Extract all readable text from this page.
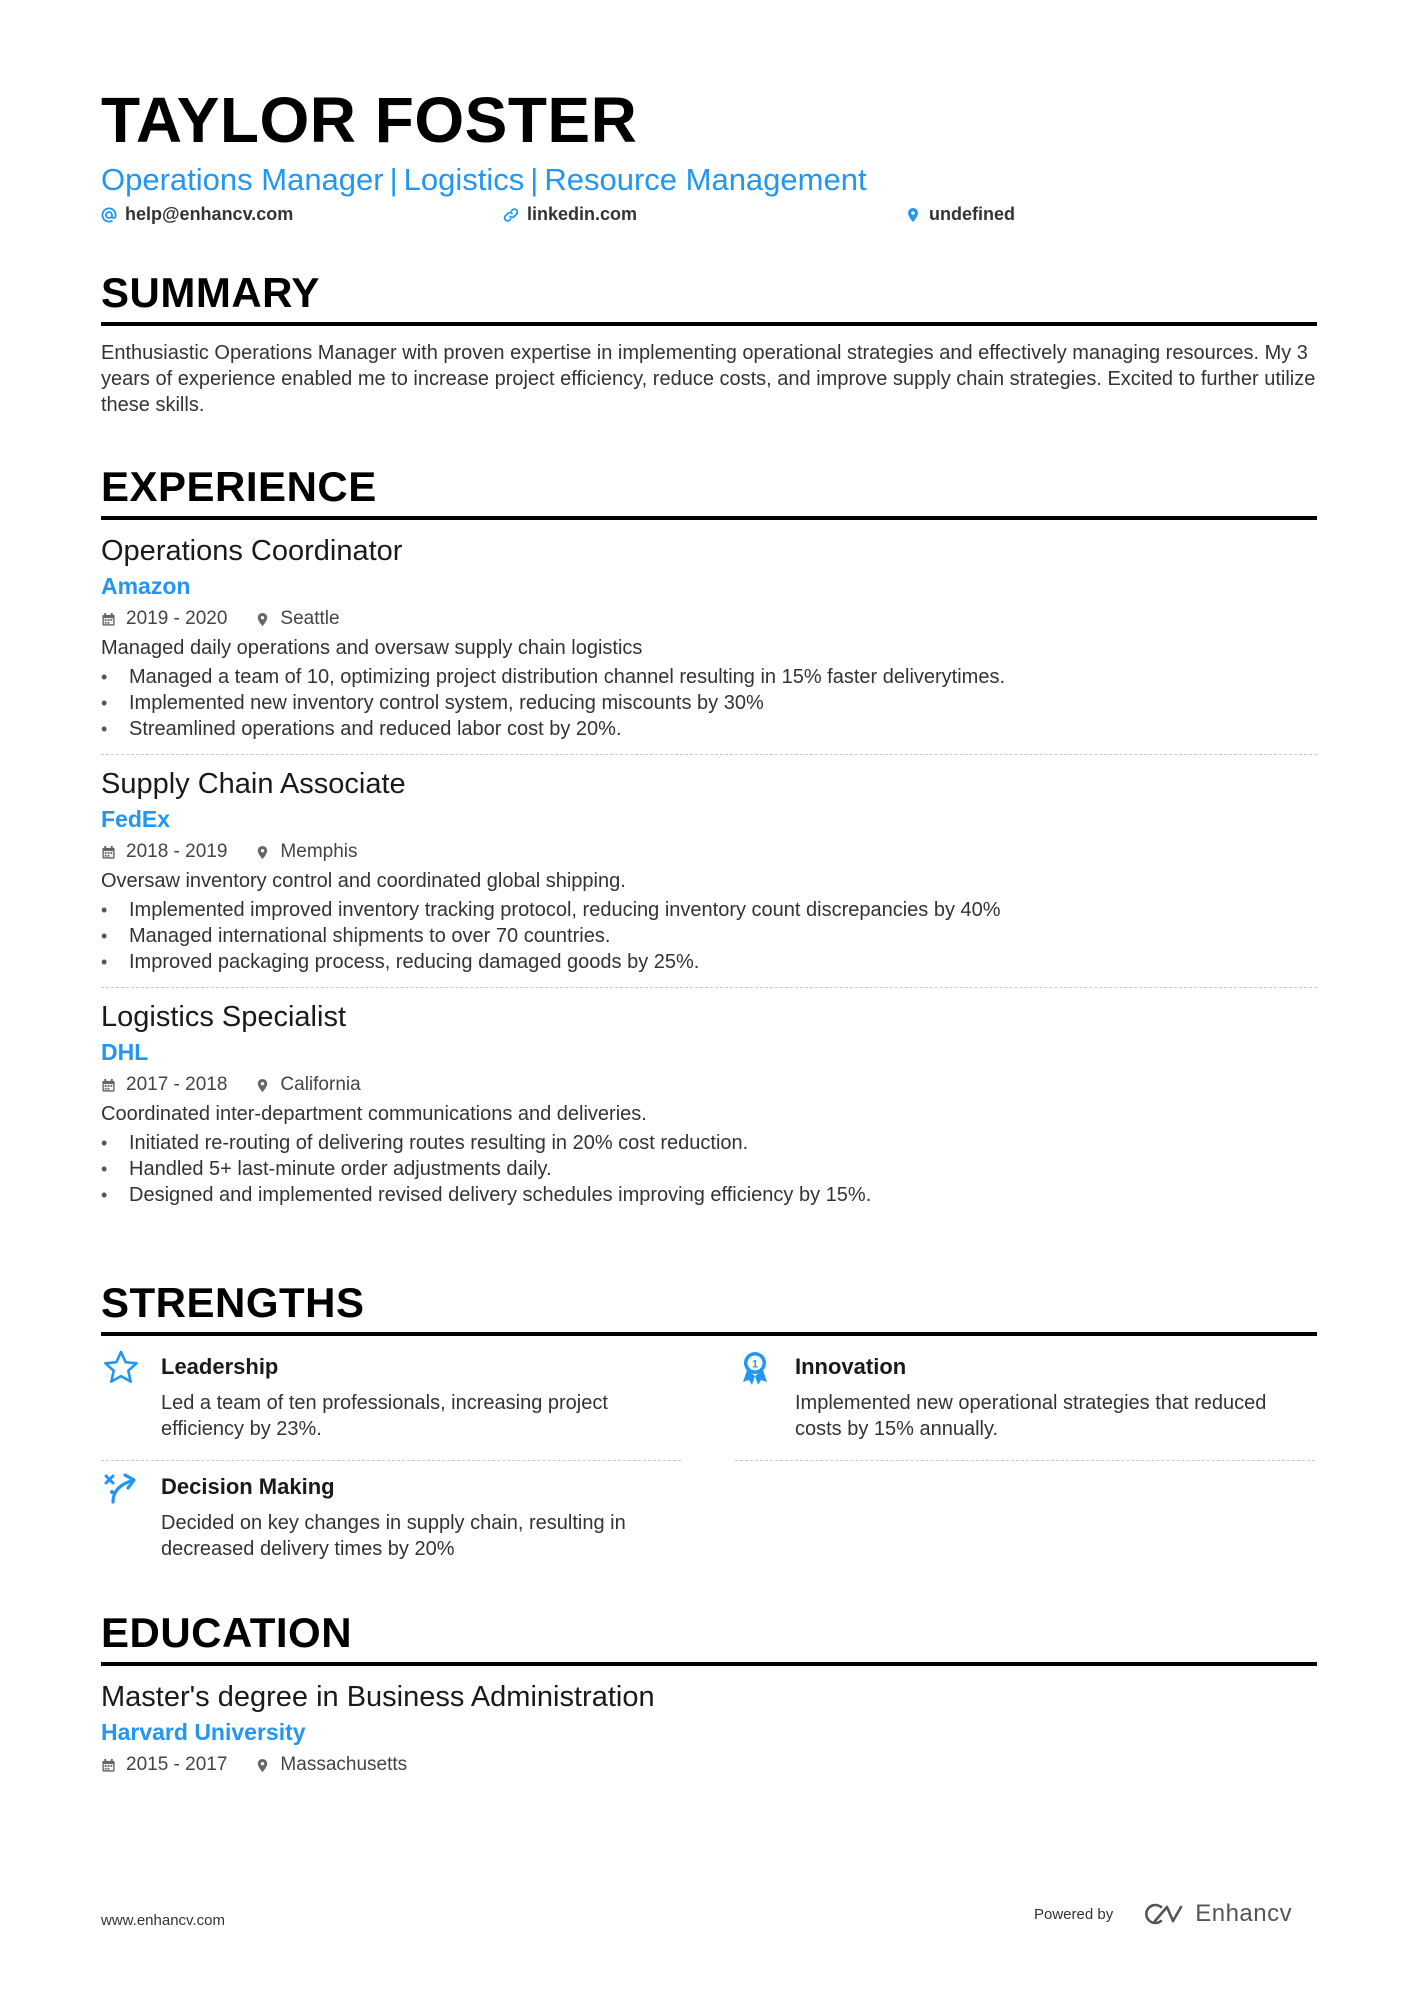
TAYLOR FOSTER
Operations Manager | Logistics | Resource Management
help@enhancv.com	linkedin.com	undefined
SUMMARY
Enthusiastic Operations Manager with proven expertise in implementing operational strategies and effectively managing resources. My 3 years of experience enabled me to increase project efficiency, reduce costs, and improve supply chain strategies. Excited to further utilize these skills.
EXPERIENCE
Operations Coordinator
Amazon
2019 - 2020	Seattle
Managed daily operations and oversaw supply chain logistics
• Managed a team of 10, optimizing project distribution channel resulting in 15% faster deliverytimes.
• Implemented new inventory control system, reducing miscounts by 30%
• Streamlined operations and reduced labor cost by 20%.
Supply Chain Associate
FedEx
2018 - 2019	Memphis
Oversaw inventory control and coordinated global shipping.
• Implemented improved inventory tracking protocol, reducing inventory count discrepancies by 40%
• Managed international shipments to over 70 countries.
• Improved packaging process, reducing damaged goods by 25%.
Logistics Specialist
DHL
2017 - 2018	California
Coordinated inter-department communications and deliveries.
• Initiated re-routing of delivering routes resulting in 20% cost reduction.
• Handled 5+ last-minute order adjustments daily.
• Designed and implemented revised delivery schedules improving efficiency by 15%.
STRENGTHS
Leadership
Led a team of ten professionals, increasing project efficiency by 23%.
1 Innovation
Implemented new operational strategies that reduced costs by 15% annually.
Decision Making
Decided on key changes in supply chain, resulting in decreased delivery times by 20%
EDUCATION
Master's degree in Business Administration
Harvard University
2015 - 2017	Massachusetts
www.enhancv.com	Powered by	Enhancv
